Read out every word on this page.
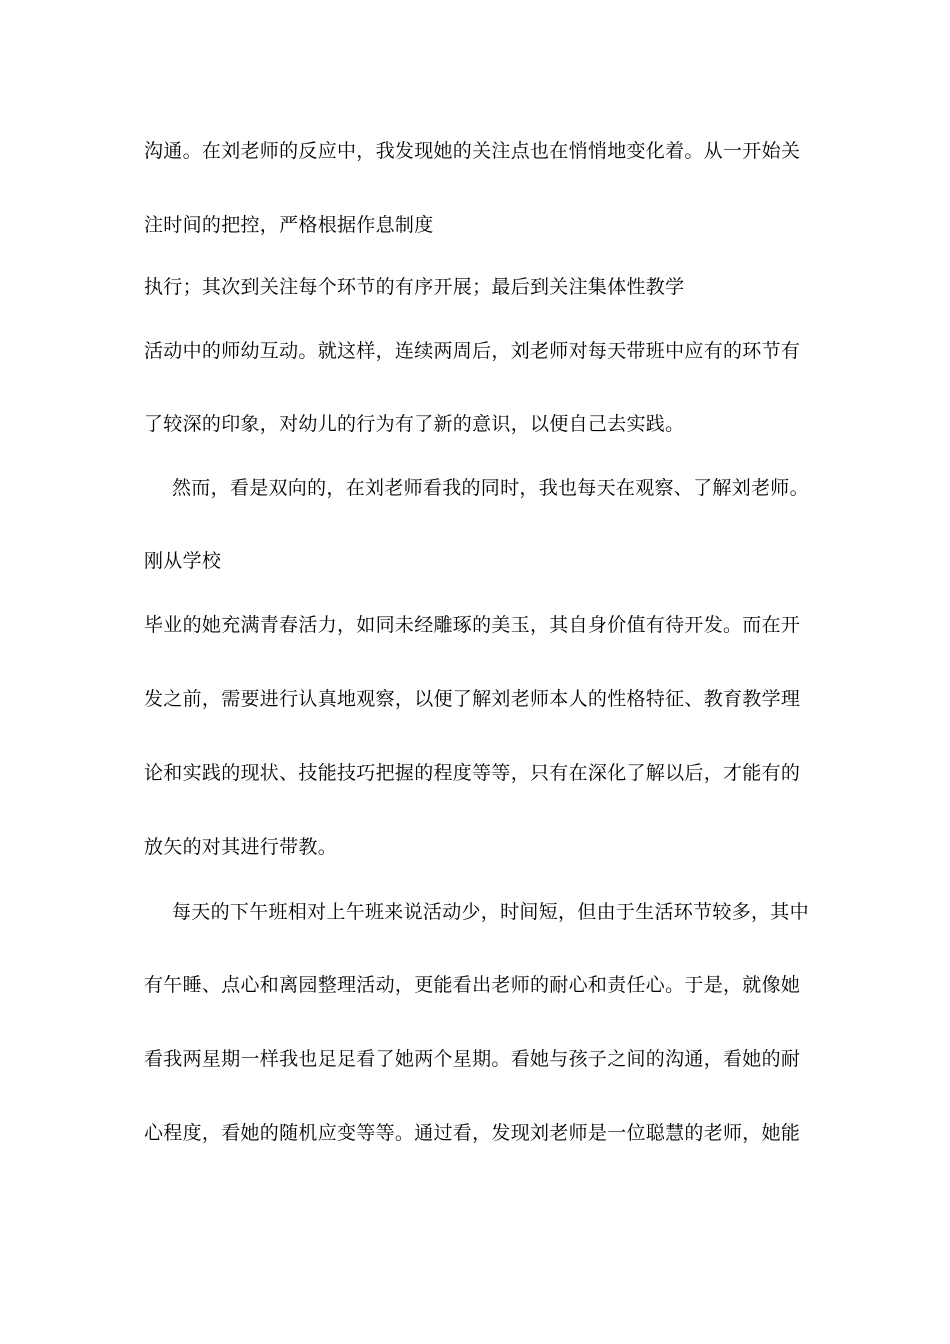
沟通。在刘老师的反应中，我发现她的关注点也在悄悄地变化着。从一开始关
注时间的把控，严格根据作息制度
执行；其次到关注每个环节的有序开展；最后到关注集体性教学
活动中的师幼互动。就这样，连续两周后，刘老师对每天带班中应有的环节有
了较深的印象，对幼儿的行为有了新的意识，以便自己去实践。
然而，看是双向的，在刘老师看我的同时，我也每天在观察、了解刘老师。
刚从学校
毕业的她充满青春活力，如同未经雕琢的美玉，其自身价值有待开发。而在开
发之前，需要进行认真地观察，以便了解刘老师本人的性格特征、教育教学理
论和实践的现状、技能技巧把握的程度等等，只有在深化了解以后，才能有的
放矢的对其进行带教。
每天的下午班相对上午班来说活动少，时间短，但由于生活环节较多，其中
有午睡、点心和离园整理活动，更能看出老师的耐心和责任心。于是，就像她
看我两星期一样我也足足看了她两个星期。看她与孩子之间的沟通，看她的耐
心程度，看她的随机应变等等。通过看，发现刘老师是一位聪慧的老师，她能
